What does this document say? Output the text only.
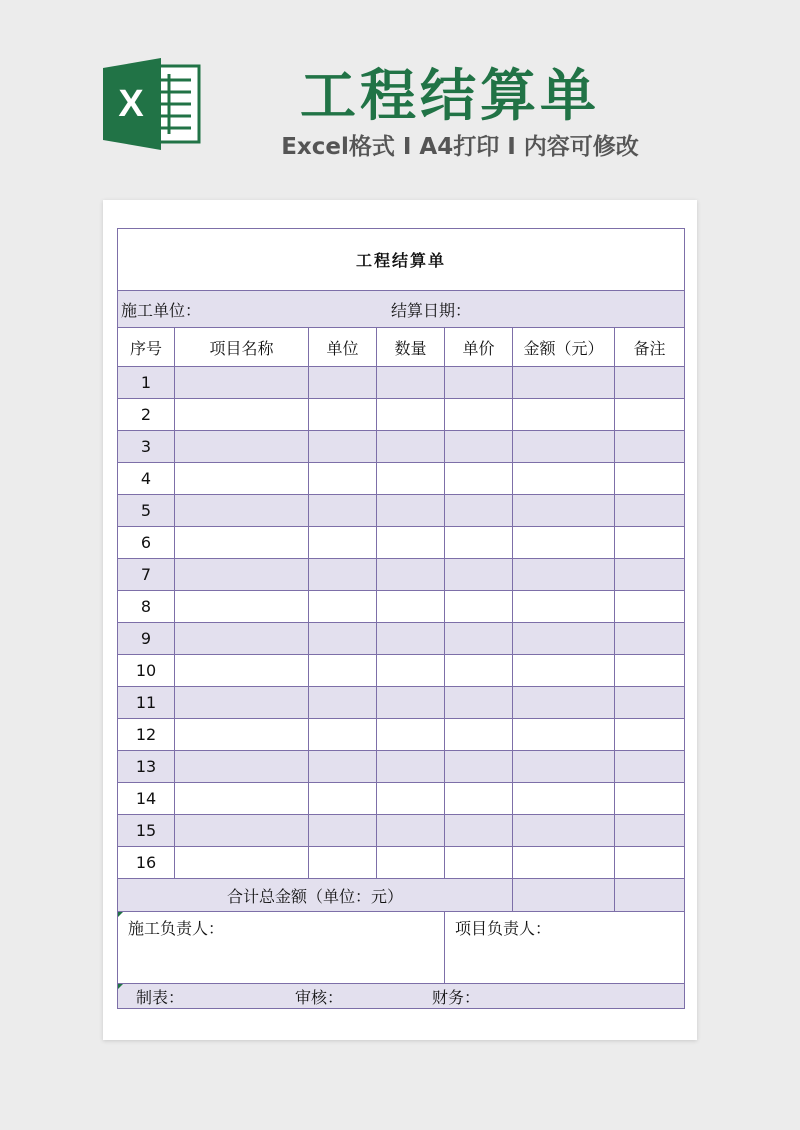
X	工程结算单
Excel格式 Ⅰ A4打印 Ⅰ 内容可修改
工程结算单						
施工单位： 结算日期：						
序号	项目名称	单位	数量	单价	金额（元）	备注
1						
2						
3						
4						
5						
6						
7						
8						
9						
10						
11						
12						
13						
14						
15						
16						
合计总金额（单位：元）						

施工负责人：				项目负责人：		

制表： 审核： 财务：						
